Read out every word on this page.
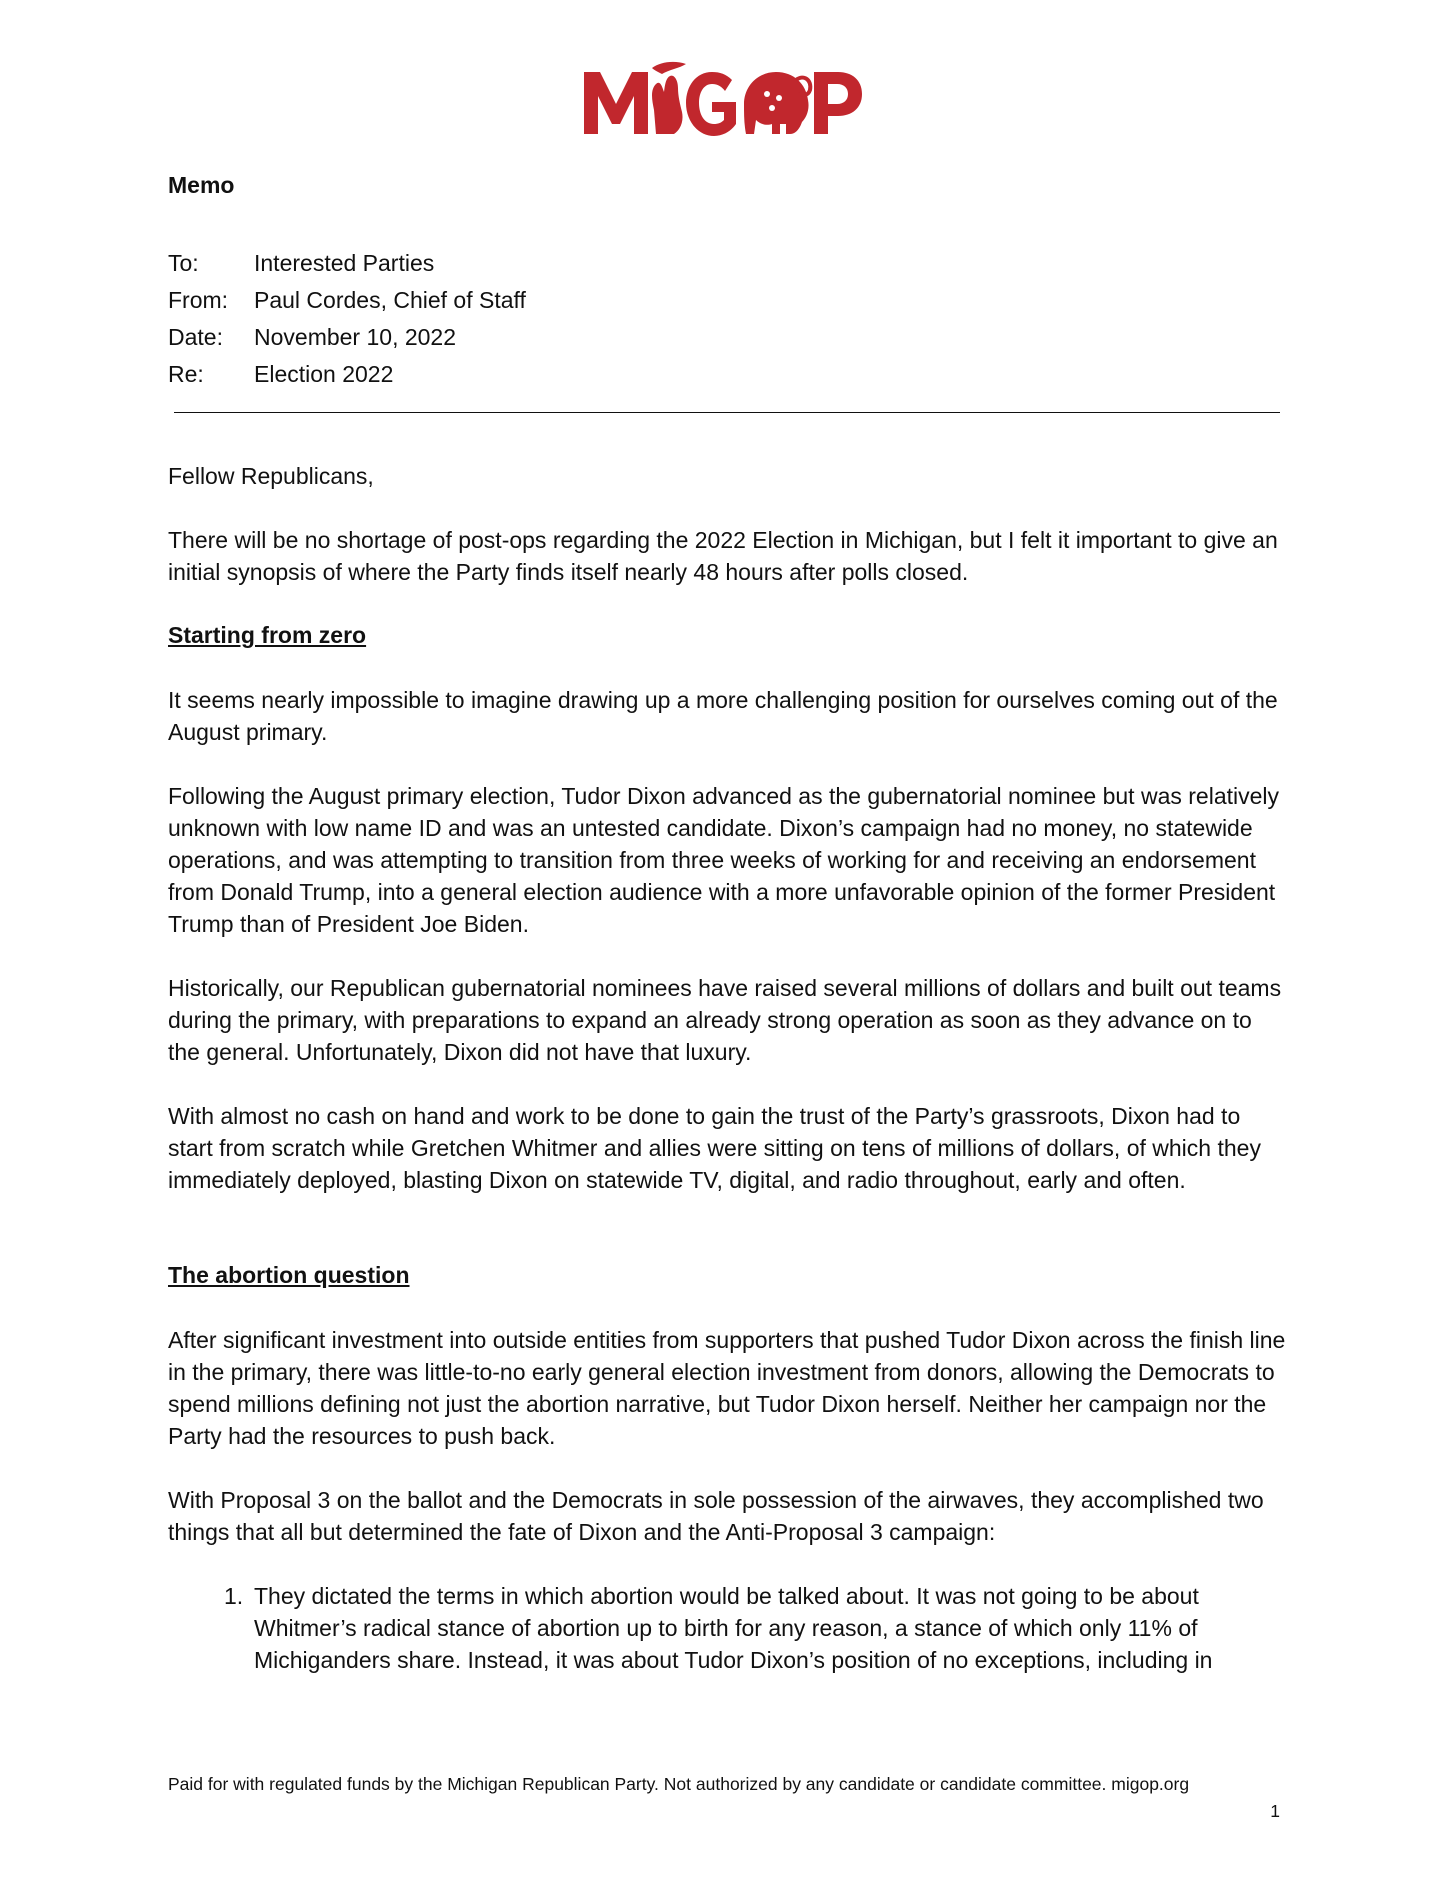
Memo
To:	Interested Parties
From:	Paul Cordes, Chief of Staff
Date:	November 10, 2022
Re:	Election 2022
Fellow Republicans,
There will be no shortage of post-ops regarding the 2022 Election in Michigan, but I felt it important to give an initial synopsis of where the Party finds itself nearly 48 hours after polls closed.
Starting from zero
It seems nearly impossible to imagine drawing up a more challenging position for ourselves coming out of the August primary.
Following the August primary election, Tudor Dixon advanced as the gubernatorial nominee but was relatively unknown with low name ID and was an untested candidate. Dixon’s campaign had no money, no statewide operations, and was attempting to transition from three weeks of working for and receiving an endorsement from Donald Trump, into a general election audience with a more unfavorable opinion of the former President Trump than of President Joe Biden.
Historically, our Republican gubernatorial nominees have raised several millions of dollars and built out teams during the primary, with preparations to expand an already strong operation as soon as they advance on to the general. Unfortunately, Dixon did not have that luxury.
With almost no cash on hand and work to be done to gain the trust of the Party’s grassroots, Dixon had to start from scratch while Gretchen Whitmer and allies were sitting on tens of millions of dollars, of which they immediately deployed, blasting Dixon on statewide TV, digital, and radio throughout, early and often.
The abortion question
After significant investment into outside entities from supporters that pushed Tudor Dixon across the finish line in the primary, there was little-to-no early general election investment from donors, allowing the Democrats to spend millions defining not just the abortion narrative, but Tudor Dixon herself. Neither her campaign nor the Party had the resources to push back.
With Proposal 3 on the ballot and the Democrats in sole possession of the airwaves, they accomplished two things that all but determined the fate of Dixon and the Anti-Proposal 3 campaign:
1. They dictated the terms in which abortion would be talked about. It was not going to be about Whitmer’s radical stance of abortion up to birth for any reason, a stance of which only 11% of Michiganders share. Instead, it was about Tudor Dixon’s position of no exceptions, including in
Paid for with regulated funds by the Michigan Republican Party. Not authorized by any candidate or candidate committee. migop.org
1
